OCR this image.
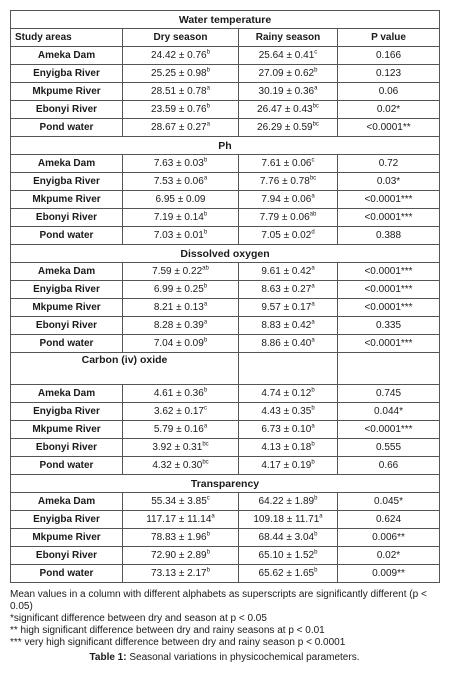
Water temperature			
Study areas	Dry season	Rainy season	P value
Ameka Dam	24.42 ± 0.76$^b$	25.64 ± 0.41$^c$	0.166
Enyigba River	25.25 ± 0.98$^b$	27.09 ± 0.62$^b$	0.123
Mkpume River	28.51 ± 0.78$^a$	30.19 ± 0.36$^a$	0.06
Ebonyi River	23.59 ± 0.76$^b$	26.47 ± 0.43$^{bc}$	0.02*
Pond water	28.67 ± 0.27$^a$	26.29 ± 0.59$^{bc}$	<0.0001**
Ph			
Ameka Dam	7.63 ± 0.03$^b$	7.61 ± 0.06$^c$	0.72
Enyigba River	7.53 ± 0.06$^a$	7.76 ± 0.78$^{bc}$	0.03*
Mkpume River	6.95 ± 0.09	7.94 ± 0.06$^a$	<0.0001***
Ebonyi River	7.19 ± 0.14$^b$	7.79 ± 0.06$^{ab}$	<0.0001***
Pond water	7.03 ± 0.01$^b$	7.05 ± 0.02$^d$	0.388
Dissolved oxygen			
Ameka Dam	7.59 ± 0.22$^{ab}$	9.61 ± 0.42$^a$	<0.0001***
Enyigba River	6.99 ± 0.25$^b$	8.63 ± 0.27$^a$	<0.0001***
Mkpume River	8.21 ± 0.13$^a$	9.57 ± 0.17$^a$	<0.0001***
Ebonyi River	8.28 ± 0.39$^a$	8.83 ± 0.42$^a$	0.335
Pond water	7.04 ± 0.09$^b$	8.86 ± 0.40$^a$	<0.0001***
Carbon (iv) oxide			
Ameka Dam	4.61 ± 0.36$^b$	4.74 ± 0.12$^b$	0.745
Enyigba River	3.62 ± 0.17$^c$	4.43 ± 0.35$^b$	0.044*
Mkpume River	5.79 ± 0.16$^a$	6.73 ± 0.10$^a$	<0.0001***
Ebonyi River	3.92 ± 0.31$^{bc}$	4.13 ± 0.18$^b$	0.555
Pond water	4.32 ± 0.30$^{bc}$	4.17 ± 0.19$^b$	0.66
Transparency			
Ameka Dam	55.34 ± 3.85$^c$	64.22 ± 1.89$^b$	0.045*
Enyigba River	117.17 ± 11.14$^a$	109.18 ± 11.71$^a$	0.624
Mkpume River	78.83 ± 1.96$^b$	68.44 ± 3.04$^b$	0.006**
Ebonyi River	72.90 ± 2.89$^b$	65.10 ± 1.52$^b$	0.02*
Pond water	73.13 ± 2.17$^b$	65.62 ± 1.65$^b$	0.009**
Mean values in a column with different alphabets as superscripts are significantly different (p < 0.05)
*significant difference between dry and season at p < 0.05
** high significant difference between dry and rainy seasons at p < 0.01
*** very high significant difference between dry and rainy season p < 0.0001
Table 1: Seasonal variations in physicochemical parameters.
